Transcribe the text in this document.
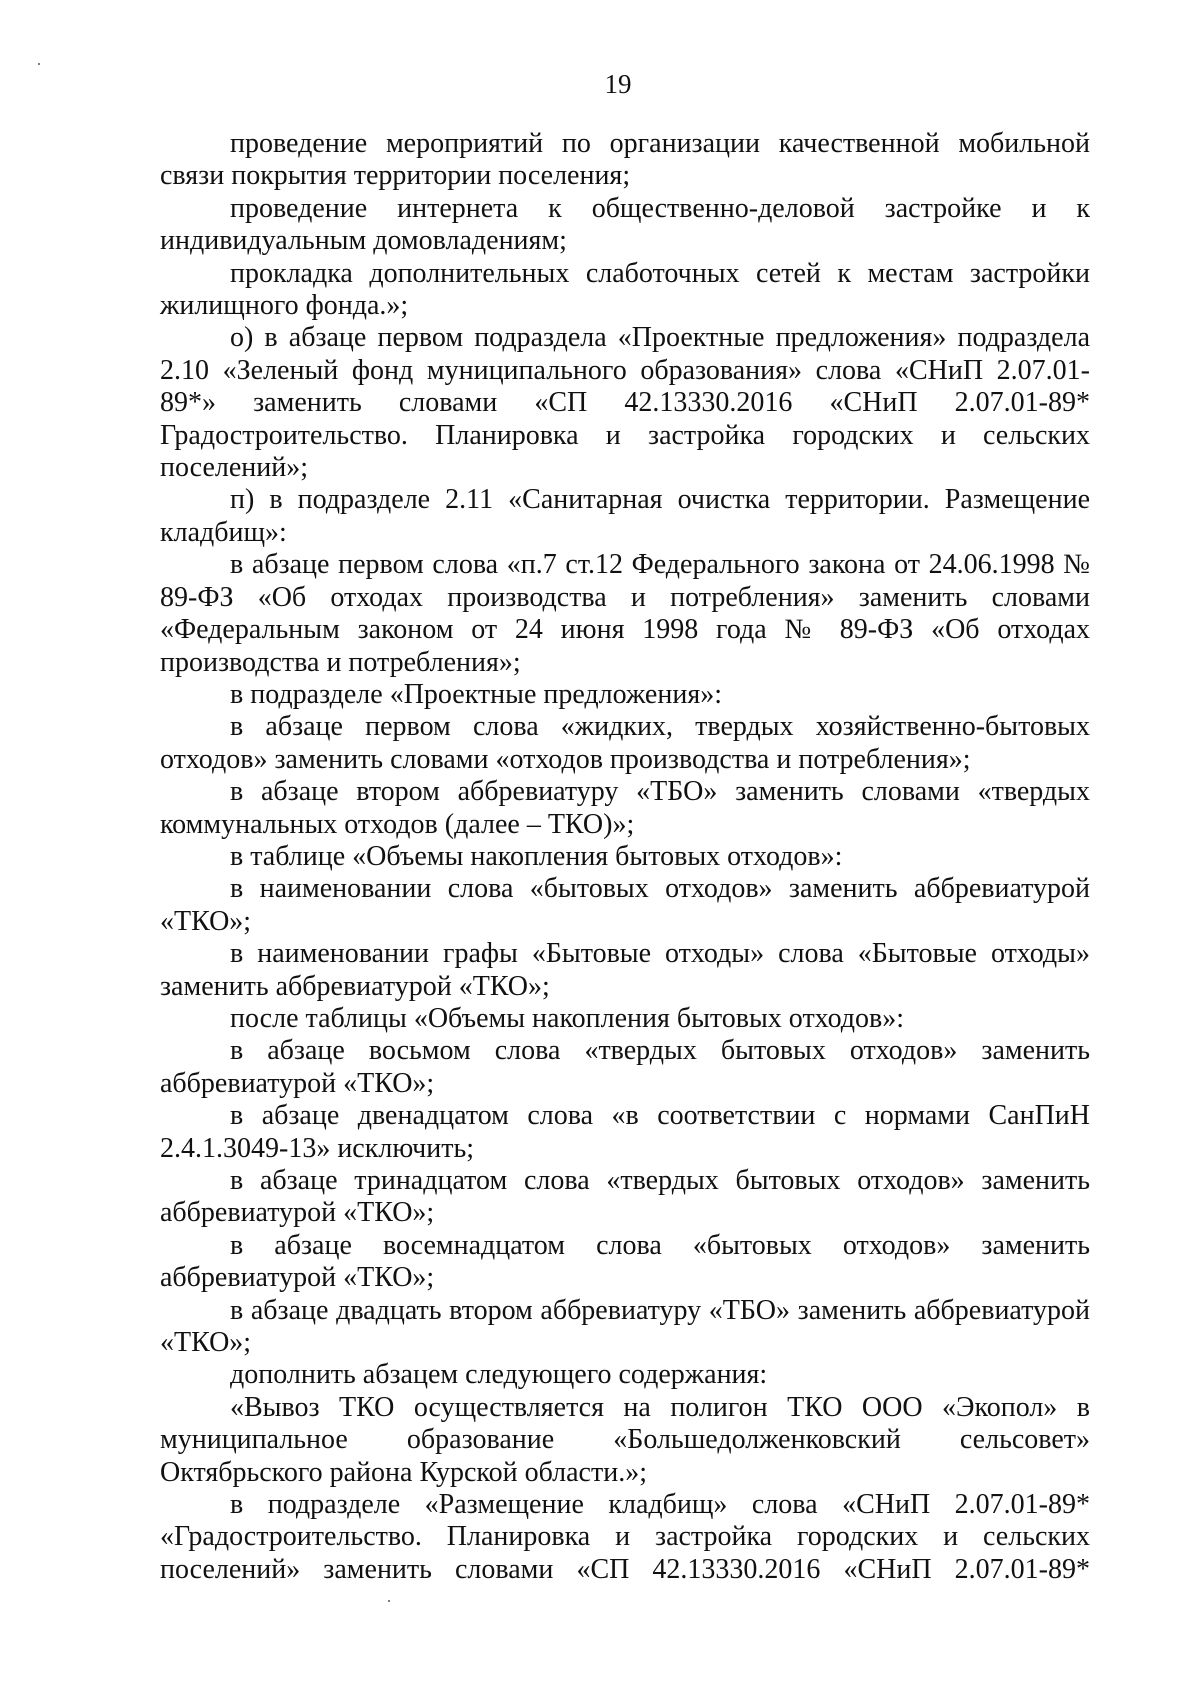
19

проведение мероприятий по организации качественной мобильной связи покрытия территории поселения;

проведение интернета к общественно-деловой застройке и к индивидуальным домовладениям;

прокладка дополнительных слаботочных сетей к местам застройки жилищного фонда.»;

о) в абзаце первом подраздела «Проектные предложения» подраздела 2.10 «Зеленый фонд муниципального образования» слова «СНиП 2.07.01-89*» заменить словами «СП 42.13330.2016 «СНиП 2.07.01-89* Градостроительство. Планировка и застройка городских и сельских поселений»;

п) в подразделе 2.11 «Санитарная очистка территории. Размещение кладбищ»:

в абзаце первом слова «п.7 ст.12 Федерального закона от 24.06.1998 № 89-ФЗ «Об отходах производства и потребления» заменить словами «Федеральным законом от 24 июня 1998 года № 89-ФЗ «Об отходах производства и потребления»;

в подразделе «Проектные предложения»:

в абзаце первом слова «жидких, твердых хозяйственно-бытовых отходов» заменить словами «отходов производства и потребления»;

в абзаце втором аббревиатуру «ТБО» заменить словами «твердых коммунальных отходов (далее – ТКО)»;

в таблице «Объемы накопления бытовых отходов»:

в наименовании слова «бытовых отходов» заменить аббревиатурой «ТКО»;

в наименовании графы «Бытовые отходы» слова «Бытовые отходы» заменить аббревиатурой «ТКО»;

после таблицы «Объемы накопления бытовых отходов»:

в абзаце восьмом слова «твердых бытовых отходов» заменить аббревиатурой «ТКО»;

в абзаце двенадцатом слова «в соответствии с нормами СанПиН 2.4.1.3049-13» исключить;

в абзаце тринадцатом слова «твердых бытовых отходов» заменить аббревиатурой «ТКО»;

в абзаце восемнадцатом слова «бытовых отходов» заменить аббревиатурой «ТКО»;

в абзаце двадцать втором аббревиатуру «ТБО» заменить аббревиатурой «ТКО»;

дополнить абзацем следующего содержания:

«Вывоз ТКО осуществляется на полигон ТКО ООО «Экопол» в муниципальное образование «Большедолженковский сельсовет» Октябрьского района Курской области.»;

в подразделе «Размещение кладбищ» слова «СНиП 2.07.01-89* «Градостроительство. Планировка и застройка городских и сельских поселений» заменить словами «СП 42.13330.2016 «СНиП 2.07.01-89*
